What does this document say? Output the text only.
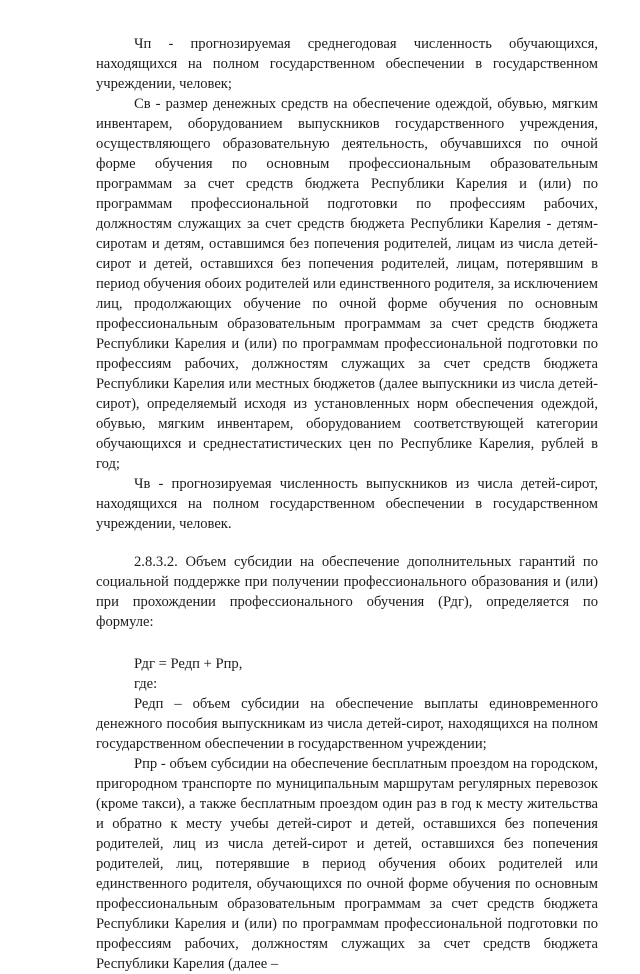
Чп - прогнозируемая среднегодовая численность обучающихся, находящихся на полном государственном обеспечении в государственном учреждении, человек;

Св - размер денежных средств на обеспечение одеждой, обувью, мягким инвентарем, оборудованием выпускников государственного учреждения, осуществляющего образовательную деятельность, обучавшихся по очной форме обучения по основным профессиональным образовательным программам за счет средств бюджета Республики Карелия и (или) по программам профессиональной подготовки по профессиям рабочих, должностям служащих за счет средств бюджета Республики Карелия - детям-сиротам и детям, оставшимся без попечения родителей, лицам из числа детей-сирот и детей, оставшихся без попечения родителей, лицам, потерявшим в период обучения обоих родителей или единственного родителя, за исключением лиц, продолжающих обучение по очной форме обучения по основным профессиональным образовательным программам за счет средств бюджета Республики Карелия и (или) по программам профессиональной подготовки по профессиям рабочих, должностям служащих за счет средств бюджета Республики Карелия или местных бюджетов (далее выпускники из числа детей-сирот), определяемый исходя из установленных норм обеспечения одеждой, обувью, мягким инвентарем, оборудованием соответствующей категории обучающихся и среднестатистических цен по Республике Карелия, рублей в год;

Чв - прогнозируемая численность выпускников из числа детей-сирот, находящихся на полном государственном обеспечении в государственном учреждении, человек.

2.8.3.2. Объем субсидии на обеспечение дополнительных гарантий по социальной поддержке при получении профессионального образования и (или) при прохождении профессионального обучения (Рдг), определяется по формуле:

Рдг = Редп + Рпр,

где:

Редп – объем субсидии на обеспечение выплаты единовременного денежного пособия выпускникам из числа детей-сирот, находящихся на полном государственном обеспечении в государственном учреждении;

Рпр - объем субсидии на обеспечение бесплатным проездом на городском, пригородном транспорте по муниципальным маршрутам регулярных перевозок (кроме такси), а также бесплатным проездом один раз в год к месту жительства и обратно к месту учебы детей-сирот и детей, оставшихся без попечения родителей, лиц из числа детей-сирот и детей, оставшихся без попечения родителей, лиц, потерявшие в период обучения обоих родителей или единственного родителя, обучающихся по очной форме обучения по основным профессиональным образовательным программам за счет средств бюджета Республики Карелия и (или) по программам профессиональной подготовки по профессиям рабочих, должностям служащих за счет средств бюджета Республики Карелия (далее –
